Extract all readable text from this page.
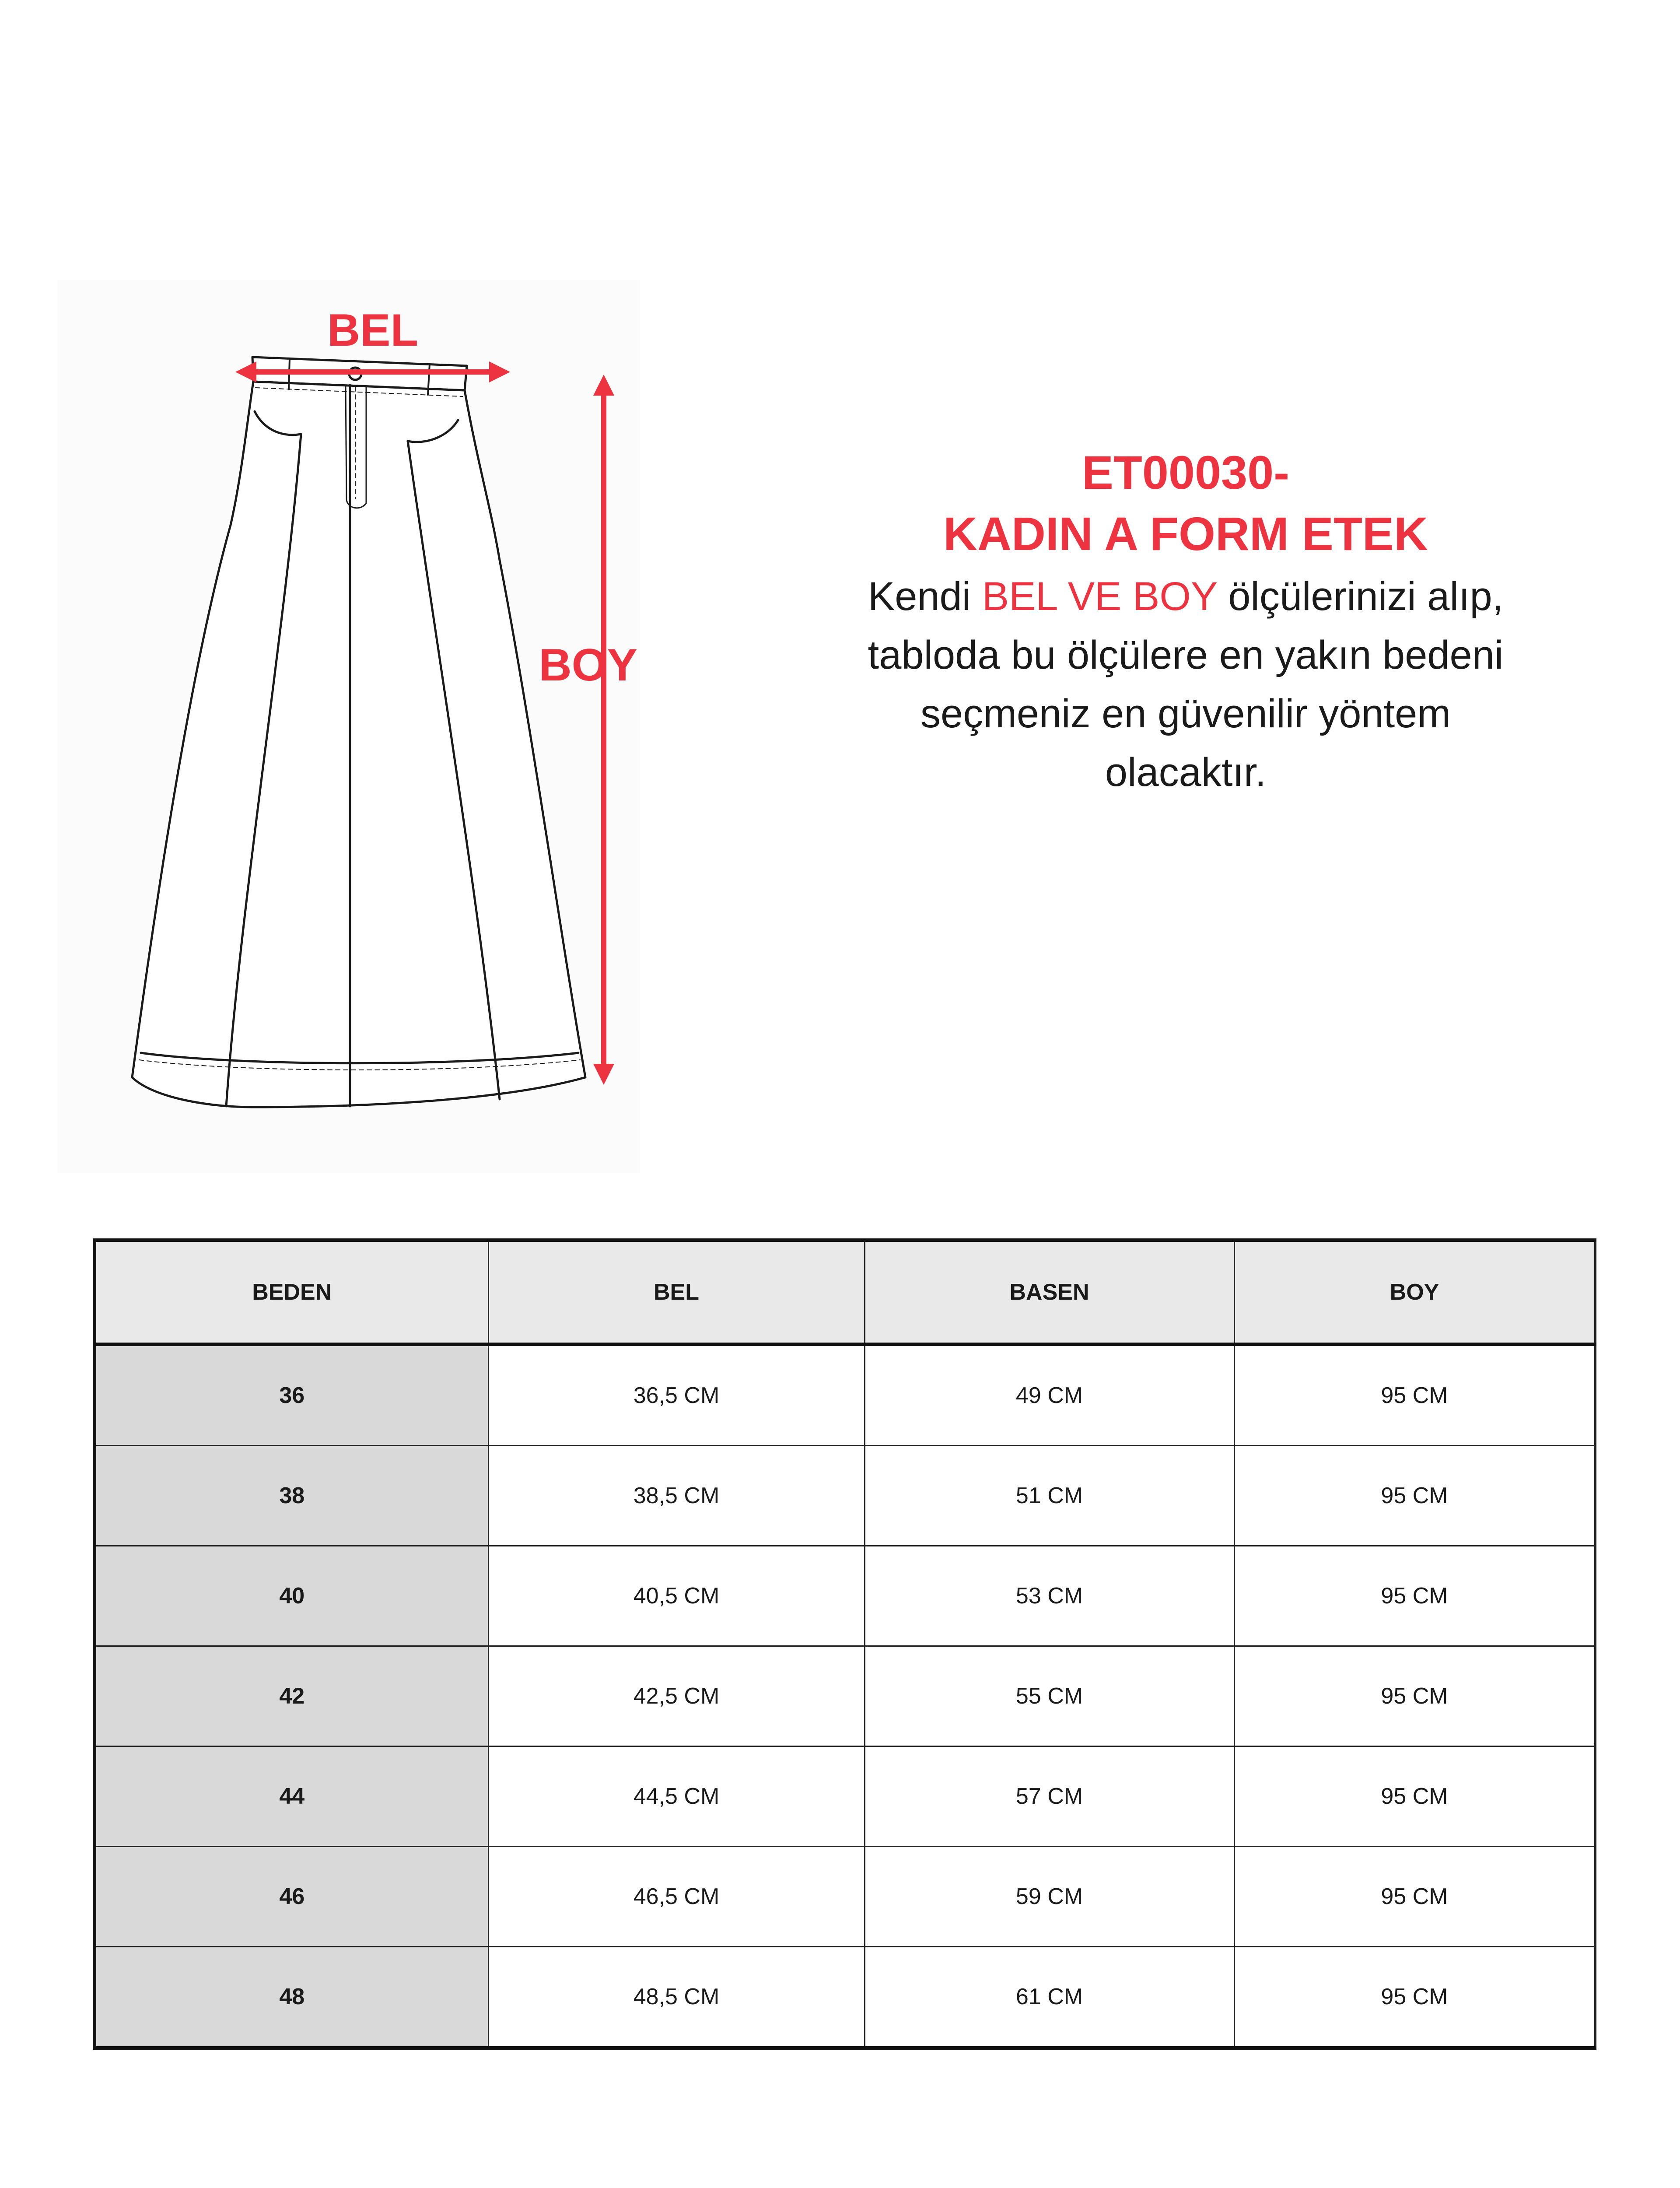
BEL
BOY
ET00030-
KADIN A FORM ETEK
Kendi BEL VE BOY ölçülerinizi alıp, tabloda bu ölçülere en yakın bedeni seçmeniz en güvenilir yöntem olacaktır.
BEDEN	BEL	BASEN	BOY
36	36,5 CM	49 CM	95 CM
38	38,5 CM	51 CM	95 CM
40	40,5 CM	53 CM	95 CM
42	42,5 CM	55 CM	95 CM
44	44,5 CM	57 CM	95 CM
46	46,5 CM	59 CM	95 CM
48	48,5 CM	61 CM	95 CM
